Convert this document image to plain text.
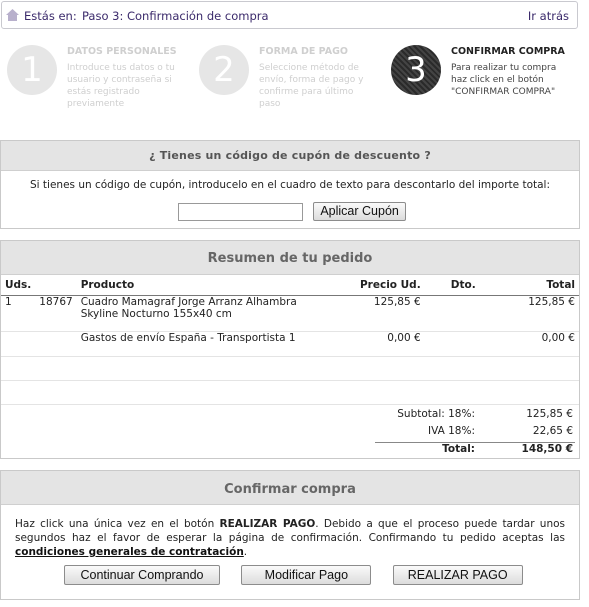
Estás en: Paso 3: Confirmación de compra	Ir atrás
1	DATOS PERSONALES
Introduce tus datos o tu usuario y contraseña si estás registrado previamente
2	FORMA DE PAGO
Seleccione método de envío, forma de pago y confirme para último paso
3	CONFIRMAR COMPRA
Para realizar tu compra haz click en el botón "CONFIRMAR COMPRA"
¿ Tienes un código de cupón de descuento ?
Si tienes un código de cupón, introducelo en el cuadro de texto para descontarlo del importe total:
Aplicar Cupón
Resumen de tu pedido
Uds.		Producto	Precio Ud.	Dto.	Total
1	18767	Cuadro Mamagraf Jorge Arranz Alhambra Skyline Nocturno 155x40 cm	125,85 €		125,85 €
		Gastos de envío España - Transportista 1	0,00 €		0,00 €

Subtotal: 18%:	125,85 €
IVA 18%:	22,65 €
Total:	148,50 €
Confirmar compra
Haz click una única vez en el botón REALIZAR PAGO. Debido a que el proceso puede tardar unos segundos haz el favor de esperar la página de confirmación. Confirmando tu pedido aceptas las condiciones generales de contratación.
Continuar Comprando	Modificar Pago	REALIZAR PAGO
